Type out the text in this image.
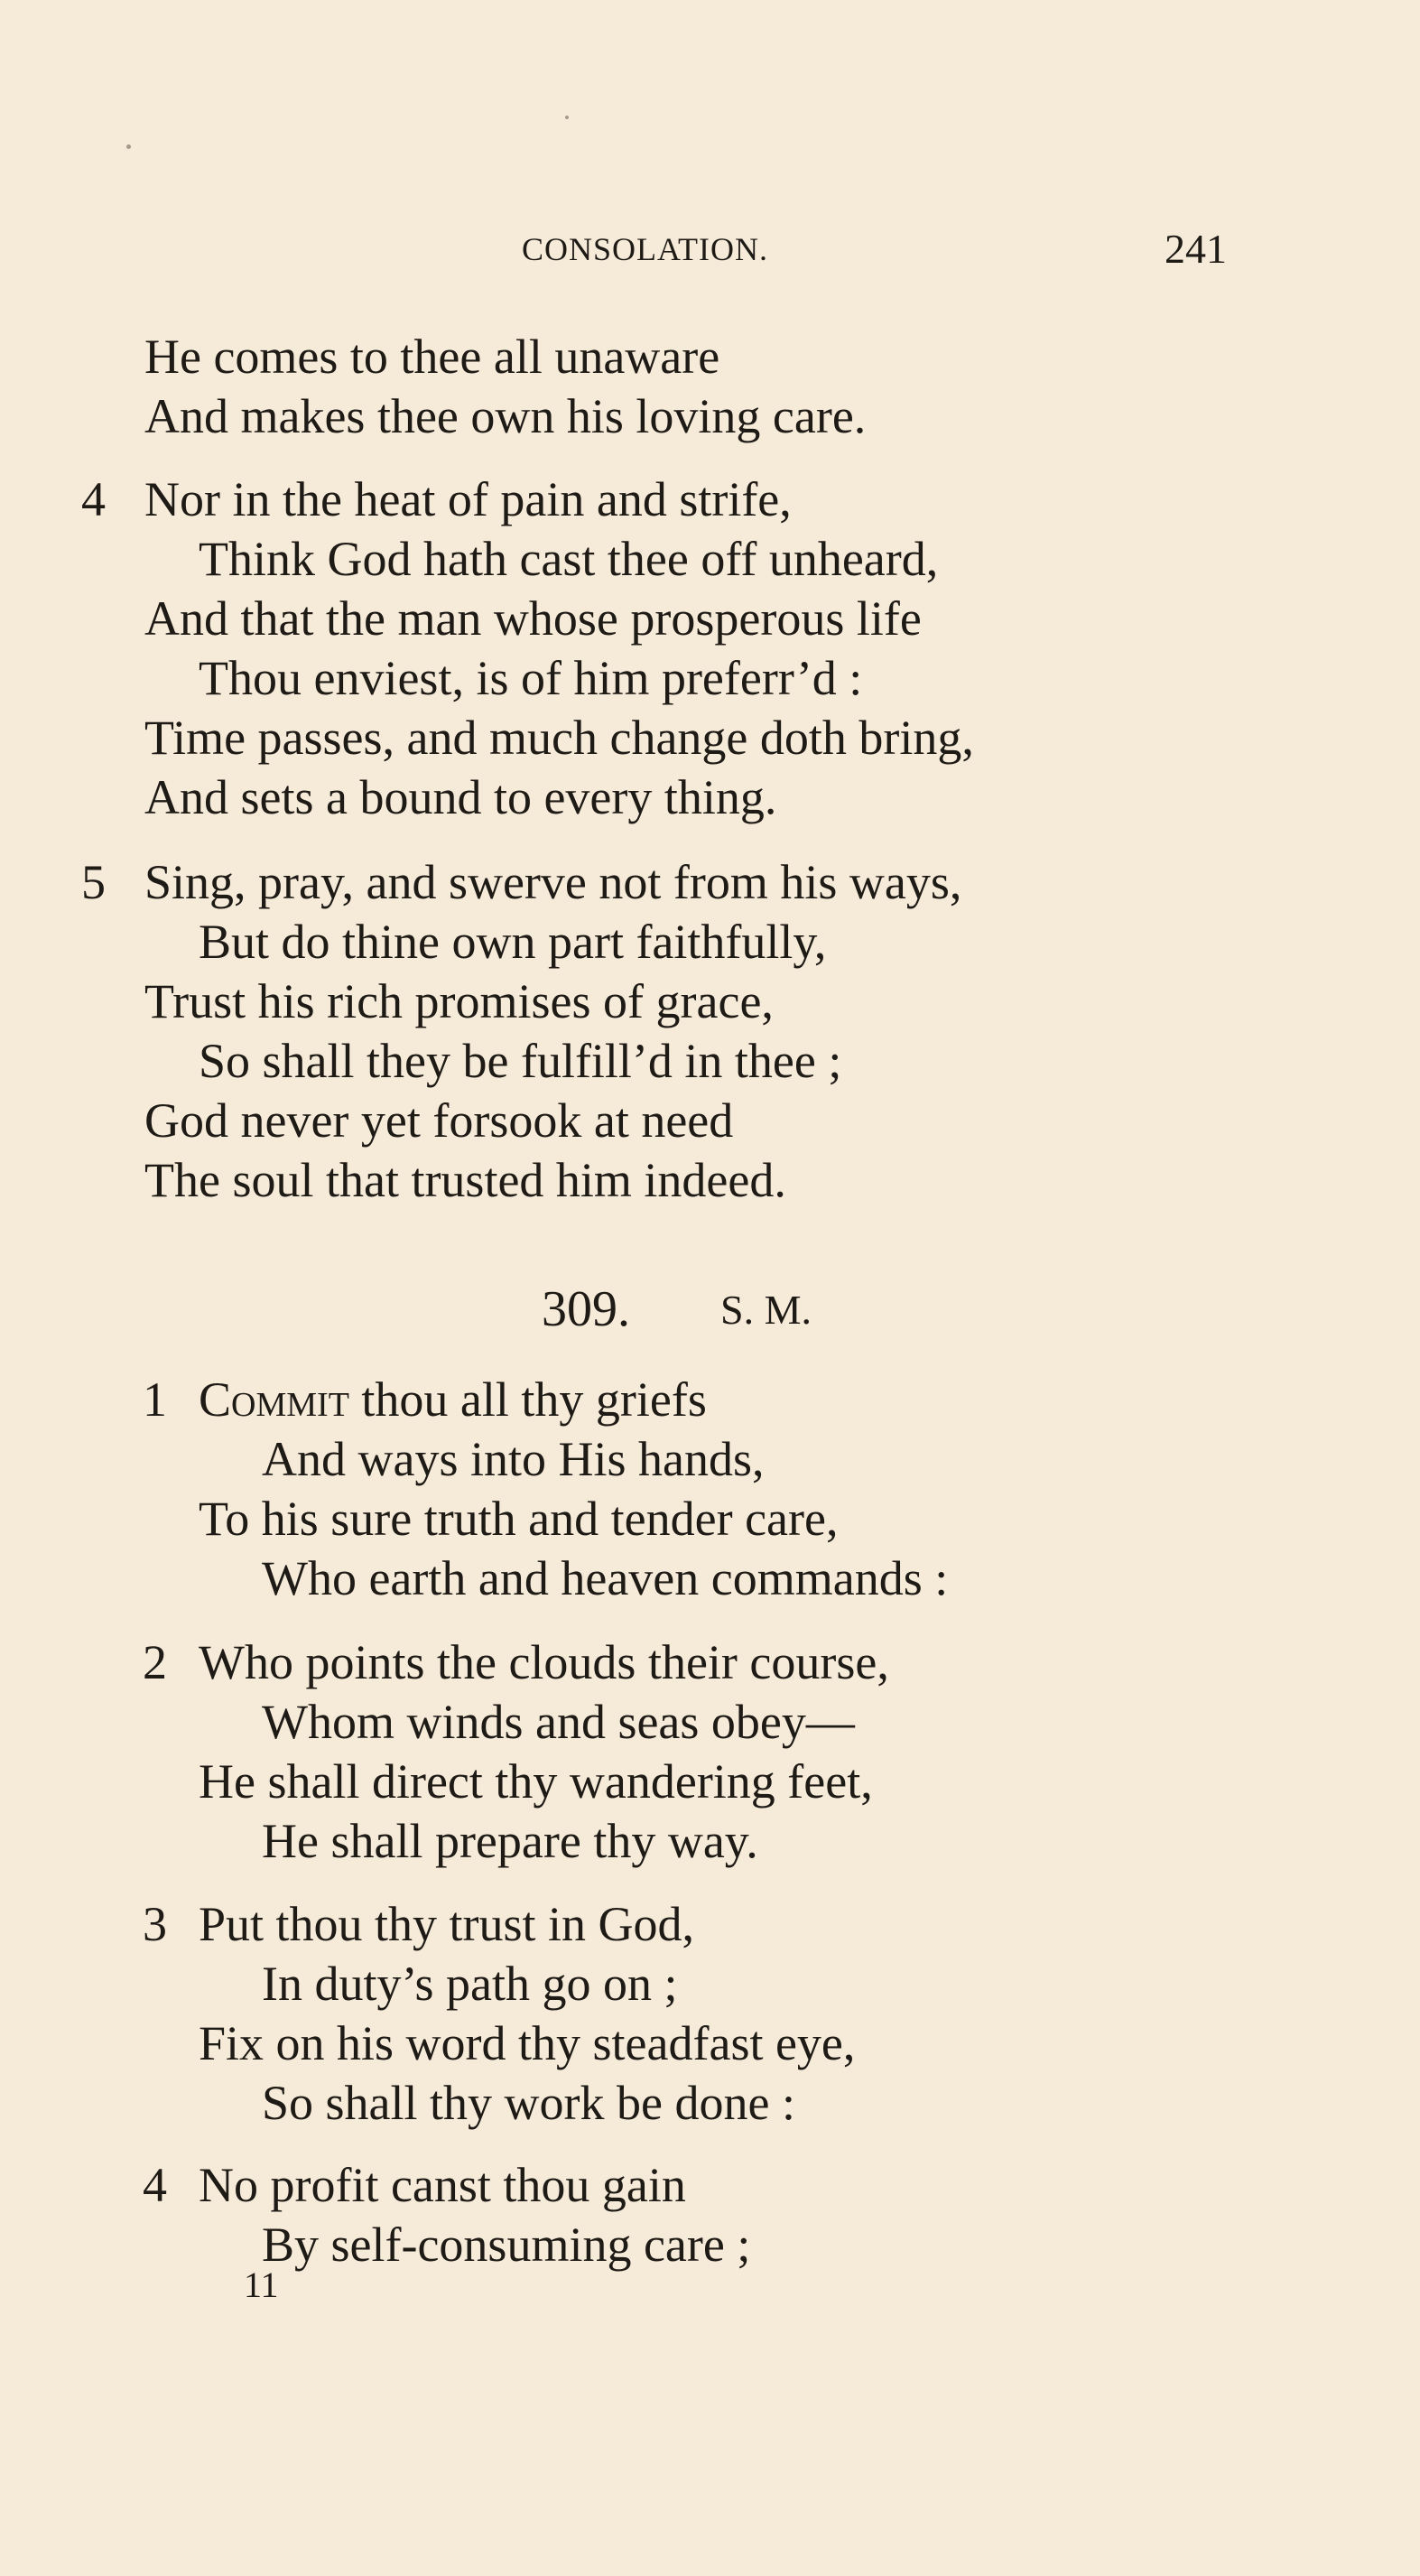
CONSOLATION.	241
He comes to thee all unaware
And makes thee own his loving care.
4 Nor in the heat of pain and strife,
Think God hath cast thee off unheard,
And that the man whose prosperous life
Thou enviest, is of him preferr’d :
Time passes, and much change doth bring,
And sets a bound to every thing.
5 Sing, pray, and swerve not from his ways,
But do thine own part faithfully,
Trust his rich promises of grace,
So shall they be fulfill’d in thee ;
God never yet forsook at need
The soul that trusted him indeed.
309. S. M.
1 Commit thou all thy griefs
And ways into His hands,
To his sure truth and tender care,
Who earth and heaven commands :
2 Who points the clouds their course,
Whom winds and seas obey—
He shall direct thy wandering feet,
He shall prepare thy way.
3 Put thou thy trust in God,
In duty’s path go on ;
Fix on his word thy steadfast eye,
So shall thy work be done :
4 No profit canst thou gain
By self-consuming care ;
11
